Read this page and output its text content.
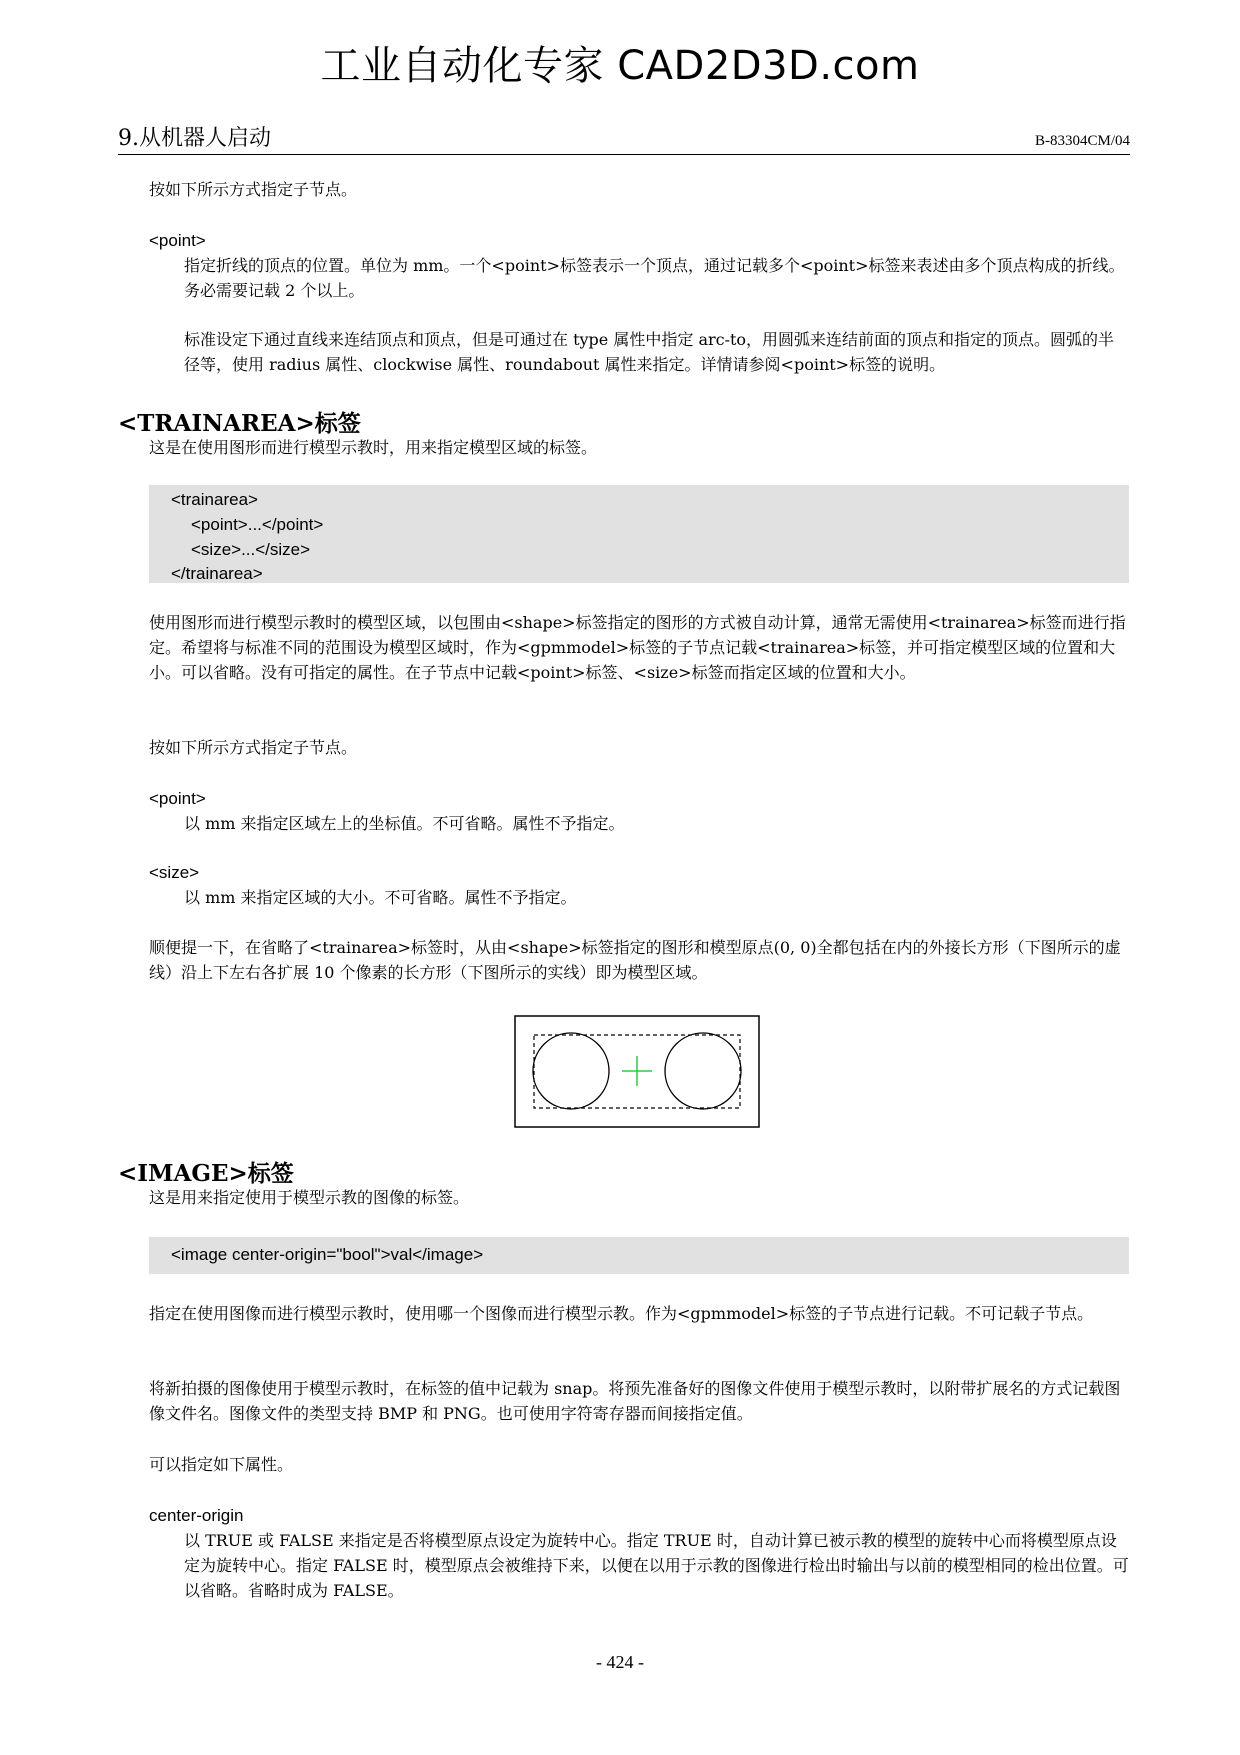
工业自动化专家 CAD2D3D.com
9.从机器人启动	B-83304CM/04
按如下所示方式指定子节点。
<point>
指定折线的顶点的位置。单位为 mm。一个<point>标签表示一个顶点，通过记载多个<point>标签来表述由多个顶点构成的折线。务必需要记载 2 个以上。
标准设定下通过直线来连结顶点和顶点，但是可通过在 type 属性中指定 arc-to，用圆弧来连结前面的顶点和指定的顶点。圆弧的半径等，使用 radius 属性、clockwise 属性、roundabout 属性来指定。详情请参阅<point>标签的说明。
<TRAINAREA>标签
这是在使用图形而进行模型示教时，用来指定模型区域的标签。
<trainarea>
<point>...</point>
<size>...</size>
</trainarea>
使用图形而进行模型示教时的模型区域，以包围由<shape>标签指定的图形的方式被自动计算，通常无需使用<trainarea>标签而进行指定。希望将与标准不同的范围设为模型区域时，作为<gpmmodel>标签的子节点记载<trainarea>标签，并可指定模型区域的位置和大小。可以省略。没有可指定的属性。在子节点中记载<point>标签、<size>标签而指定区域的位置和大小。
按如下所示方式指定子节点。
<point>
以 mm 来指定区域左上的坐标值。不可省略。属性不予指定。
<size>
以 mm 来指定区域的大小。不可省略。属性不予指定。
顺便提一下，在省略了<trainarea>标签时，从由<shape>标签指定的图形和模型原点(0, 0)全都包括在内的外接长方形（下图所示的虚线）沿上下左右各扩展 10 个像素的长方形（下图所示的实线）即为模型区域。
<IMAGE>标签
这是用来指定使用于模型示教的图像的标签。
<image center-origin="bool">val</image>
指定在使用图像而进行模型示教时，使用哪一个图像而进行模型示教。作为<gpmmodel>标签的子节点进行记载。不可记载子节点。
将新拍摄的图像使用于模型示教时，在标签的值中记载为 snap。将预先准备好的图像文件使用于模型示教时，以附带扩展名的方式记载图像文件名。图像文件的类型支持 BMP 和 PNG。也可使用字符寄存器而间接指定值。
可以指定如下属性。
center-origin
以 TRUE 或 FALSE 来指定是否将模型原点设定为旋转中心。指定 TRUE 时，自动计算已被示教的模型的旋转中心而将模型原点设定为旋转中心。指定 FALSE 时，模型原点会被维持下来，以便在以用于示教的图像进行检出时输出与以前的模型相同的检出位置。可以省略。省略时成为 FALSE。
- 424 -
